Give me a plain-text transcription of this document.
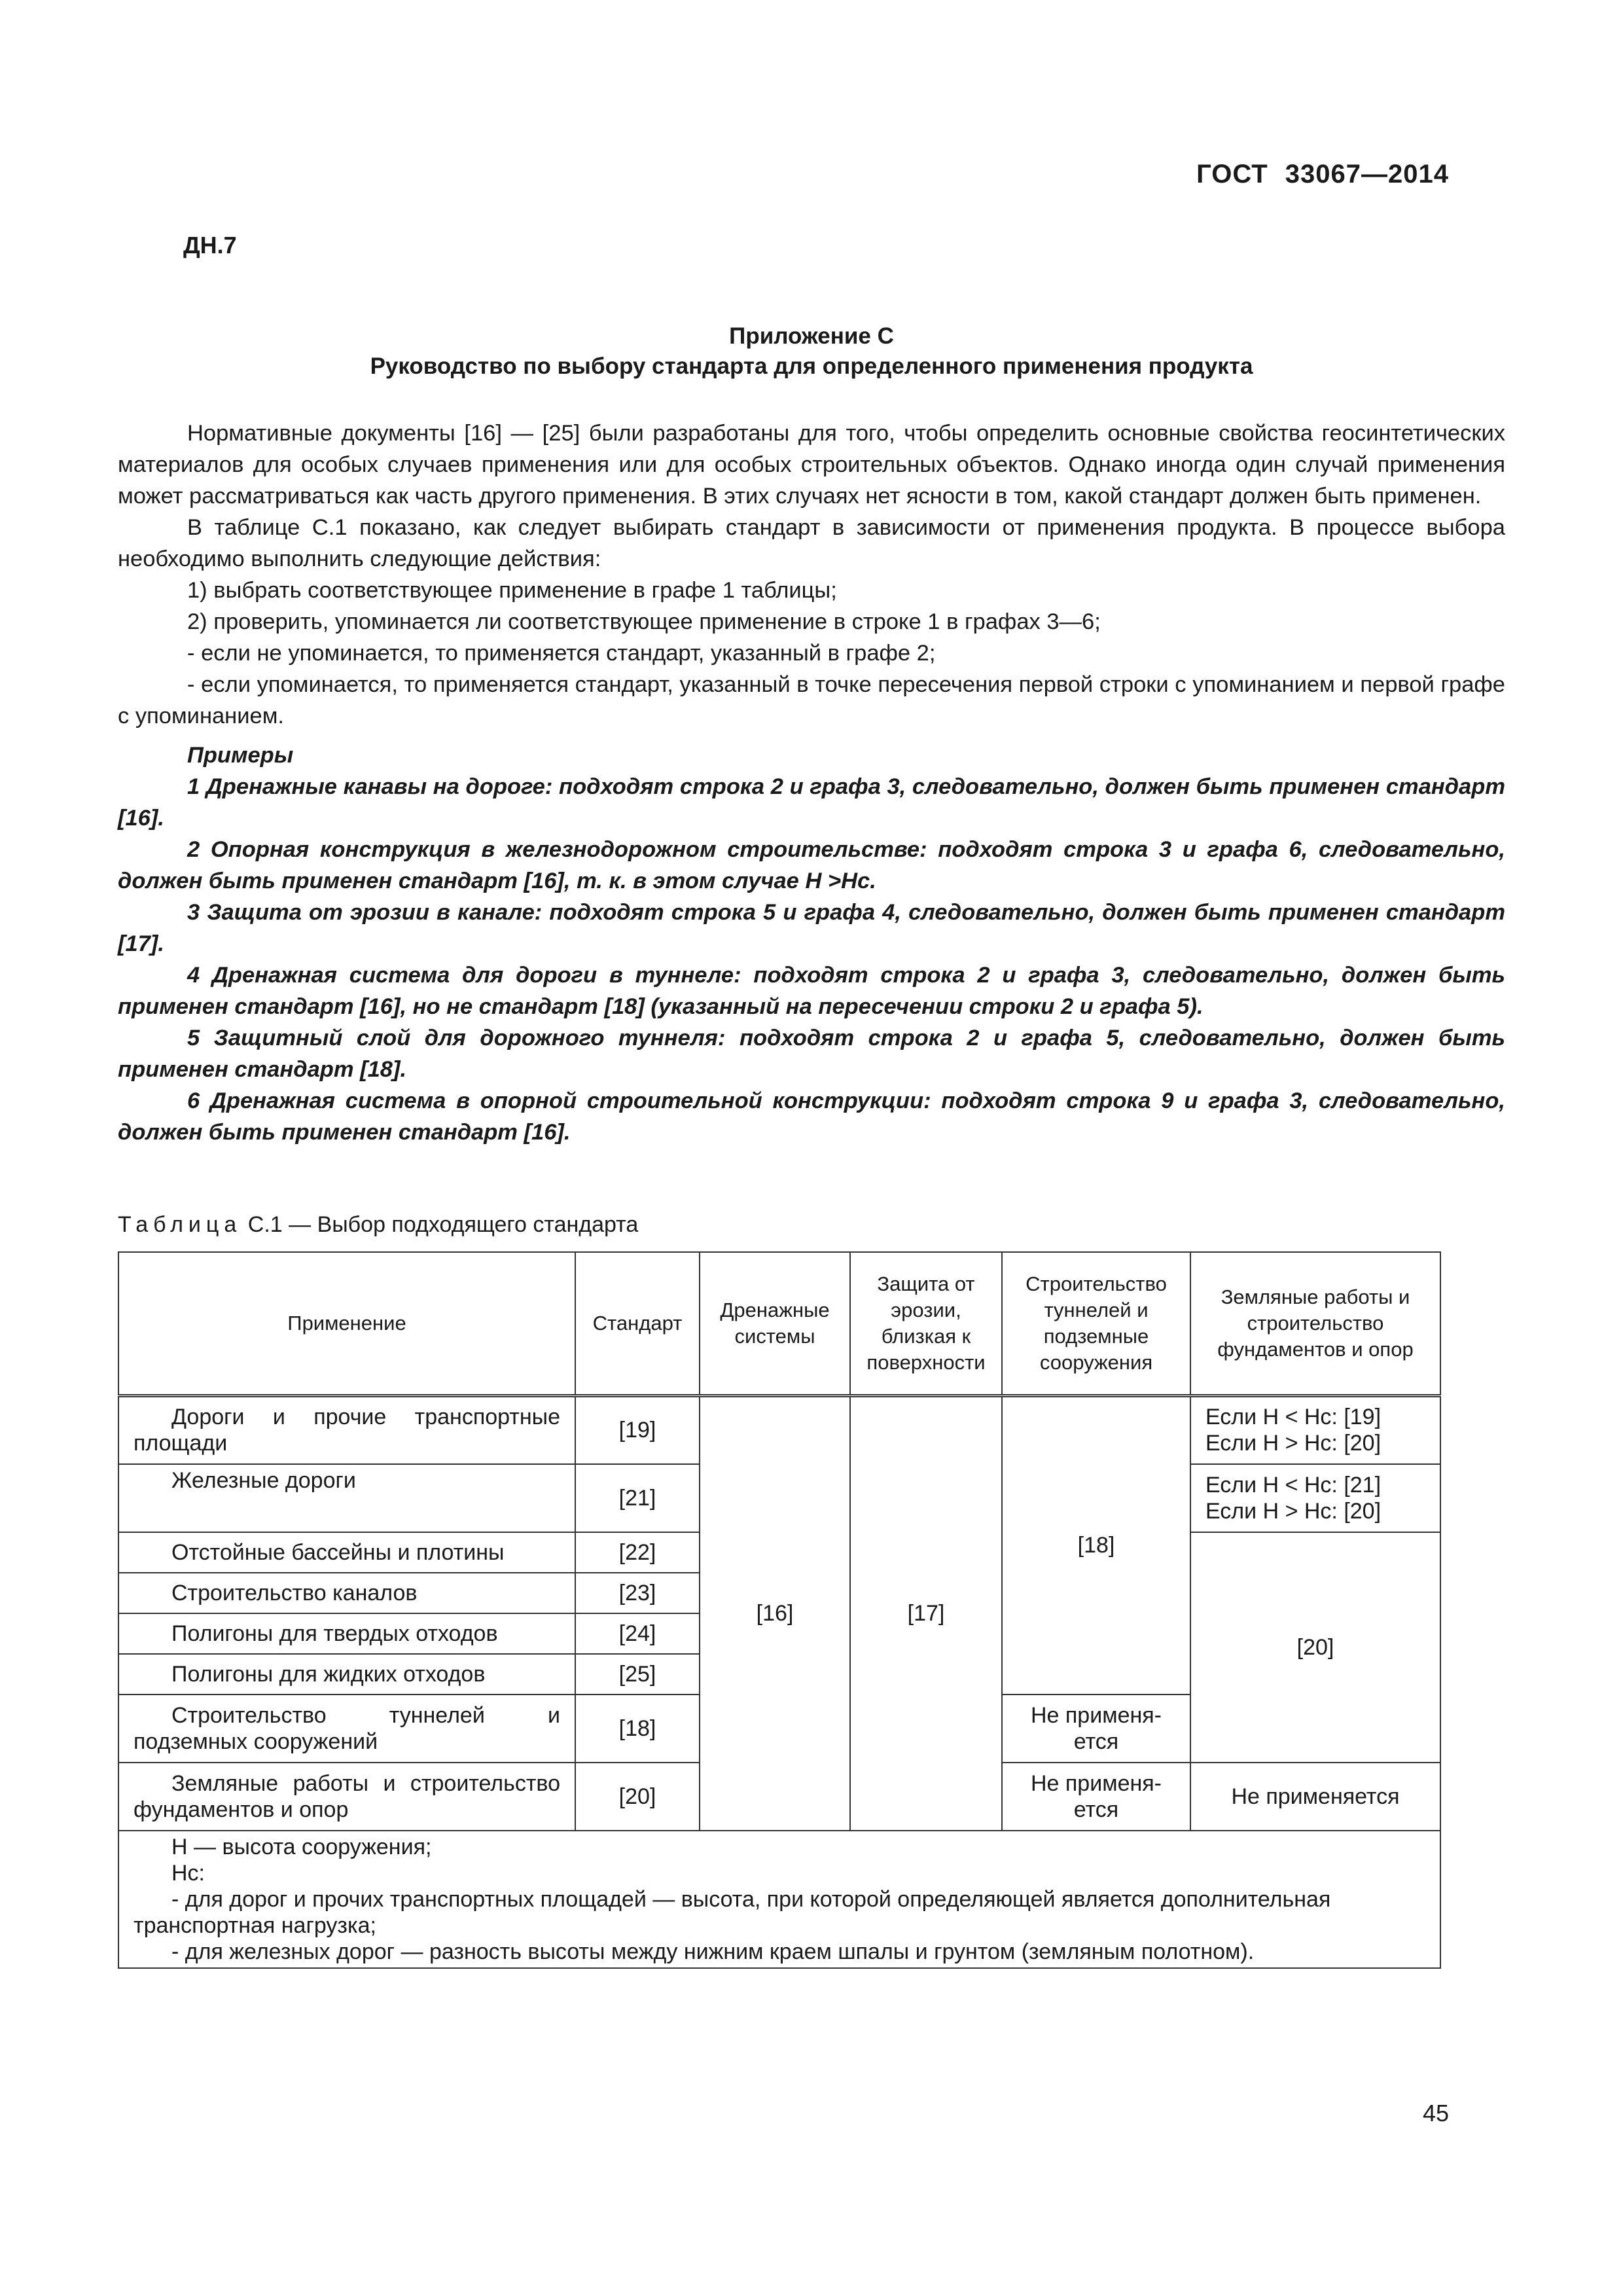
ГОСТ 33067—2014
ДН.7
Приложение С
Руководство по выбору стандарта для определенного применения продукта

Нормативные документы [16] — [25] были разработаны для того, чтобы определить основные свойства геосинтетических материалов для особых случаев применения или для особых строительных объектов. Однако иногда один случай применения может рассматриваться как часть другого применения. В этих случаях нет ясности в том, какой стандарт должен быть применен.

В таблице С.1 показано, как следует выбирать стандарт в зависимости от применения продукта. В процессе выбора необходимо выполнить следующие действия:

1) выбрать соответствующее применение в графе 1 таблицы;

2) проверить, упоминается ли соответствующее применение в строке 1 в графах 3—6;

- если не упоминается, то применяется стандарт, указанный в графе 2;

- если упоминается, то применяется стандарт, указанный в точке пересечения первой строки с упоминанием и первой графе с упоминанием.

Примеры

1 Дренажные канавы на дороге: подходят строка 2 и графа 3, следовательно, должен быть применен стандарт [16].

2 Опорная конструкция в железнодорожном строительстве: подходят строка 3 и графа 6, следовательно, должен быть применен стандарт [16], т. к. в этом случае H >Hc.

3 Защита от эрозии в канале: подходят строка 5 и графа 4, следовательно, должен быть применен стандарт [17].

4 Дренажная система для дороги в туннеле: подходят строка 2 и графа 3, следовательно, должен быть применен стандарт [16], но не стандарт [18] (указанный на пересечении строки 2 и графа 5).

5 Защитный слой для дорожного туннеля: подходят строка 2 и графа 5, следовательно, должен быть применен стандарт [18].

6 Дренажная система в опорной строительной конструкции: подходят строка 9 и графа 3, следовательно, должен быть применен стандарт [16].

Таблица С.1 — Выбор подходящего стандарта
Применение	Стандарт	Дренажные системы	Защита от эрозии, близкая к поверхности	Строительство туннелей и подземные сооружения	Земляные работы и строительство фундаментов и опор
Дороги и прочие транспортные площади	[19]	[16]	[17]	[18]	Если H < Hc: [19]
Если H > Hc: [20]

Железные дороги	[21]				Если H < Hc: [21]
Если H > Hc: [20]

Отстойные бассейны и плотины	[22]				[20]
Строительство каналов	[23]				
Полигоны для твердых отходов	[24]				
Полигоны для жидких отходов	[25]				
Строительство туннелей и подземных сооружений	[18]			Не применя-ется	
Земляные работы и строительство фундаментов и опор	[20]			Не применя-ется	Не применяется

H — высота сооружения;
Hc:
- для дорог и прочих транспортных площадей — высота, при которой определяющей является дополнительная транспортная нагрузка;
- для железных дорог — разность высоты между нижним краем шпалы и грунтом (земляным полотном).					
45
